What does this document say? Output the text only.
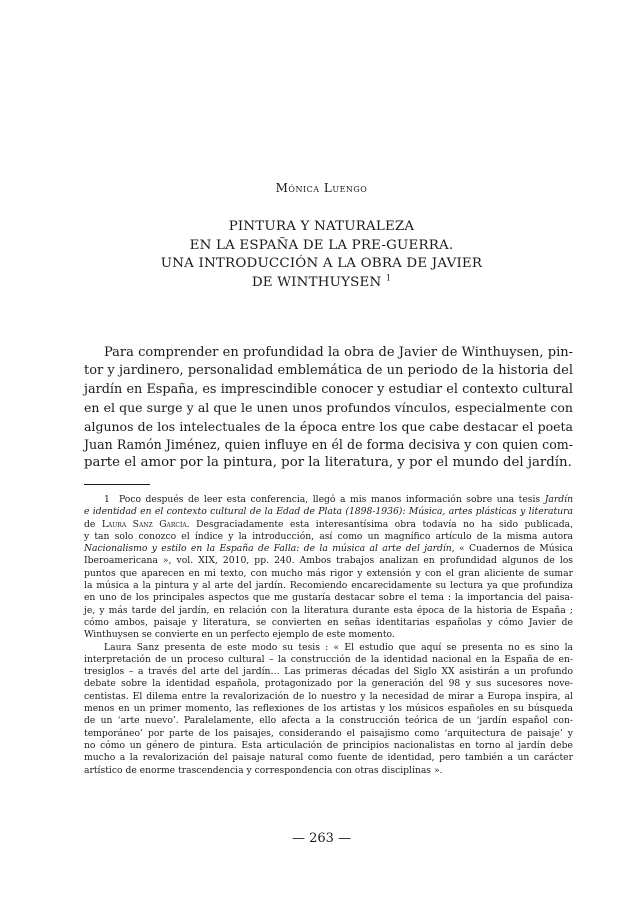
Mónica Luengo
PINTURA Y NATURALEZA
EN LA ESPAÑA DE LA PRE-GUERRA.
UNA INTRODUCCIÓN A LA OBRA DE JAVIER
DE WINTHUYSEN $^1$
Para comprender en profundidad la obra de Javier de Winthuysen, pin-
tor y jardinero, personalidad emblemática de un periodo de la historia del
jardín en España, es imprescindible conocer y estudiar el contexto cultural
en el que surge y al que le unen unos profundos vínculos, especialmente con
algunos de los intelectuales de la época entre los que cabe destacar el poeta
Juan Ramón Jiménez, quien influye en él de forma decisiva y con quien com-
parte el amor por la pintura, por la literatura, y por el mundo del jardín.
1 Poco después de leer esta conferencia, llegó a mis manos información sobre una tesis Jardín
e identidad en el contexto cultural de la Edad de Plata (1898-1936): Música, artes plásticas y literatura
de Laura Sanz García. Desgraciadamente esta interesantísima obra todavía no ha sido publicada,
y tan solo conozco el índice y la introducción, así como un magnífico artículo de la misma autora
Nacionalismo y estilo en la España de Falla: de la música al arte del jardín, « Cuadernos de Música
Iberoamericana », vol. XIX, 2010, pp. 240. Ambos trabajos analizan en profundidad algunos de los
puntos que aparecen en mi texto, con mucho más rigor y extensión y con el gran aliciente de sumar
la música a la pintura y al arte del jardín. Recomiendo encarecidamente su lectura ya que profundiza
en uno de los principales aspectos que me gustaría destacar sobre el tema : la importancia del paisa-
je, y más tarde del jardín, en relación con la literatura durante esta época de la historia de España ;
cómo ambos, paisaje y literatura, se convierten en señas identitarias españolas y cómo Javier de
Winthuysen se convierte en un perfecto ejemplo de este momento.
Laura Sanz presenta de este modo su tesis : « El estudio que aquí se presenta no es sino la
interpretación de un proceso cultural – la construcción de la identidad nacional en la España de en-
tresiglos – a través del arte del jardín… Las primeras décadas del Siglo XX asistirán a un profundo
debate sobre la identidad española, protagonizado por la generación del 98 y sus sucesores nove-
centistas. El dilema entre la revalorización de lo nuestro y la necesidad de mirar a Europa inspira, al
menos en un primer momento, las reflexiones de los artistas y los músicos españoles en su búsqueda
de un ‘arte nuevo’. Paralelamente, ello afecta a la construcción teórica de un ‘jardín español con-
temporáneo’ por parte de los paisajes, considerando el paisajismo como ‘arquitectura de paisaje’ y
no cómo un género de pintura. Esta articulación de principios nacionalistas en torno al jardín debe
mucho a la revalorización del paisaje natural como fuente de identidad, pero también a un carácter
artístico de enorme trascendencia y correspondencia con otras disciplinas ».
— 263 —
